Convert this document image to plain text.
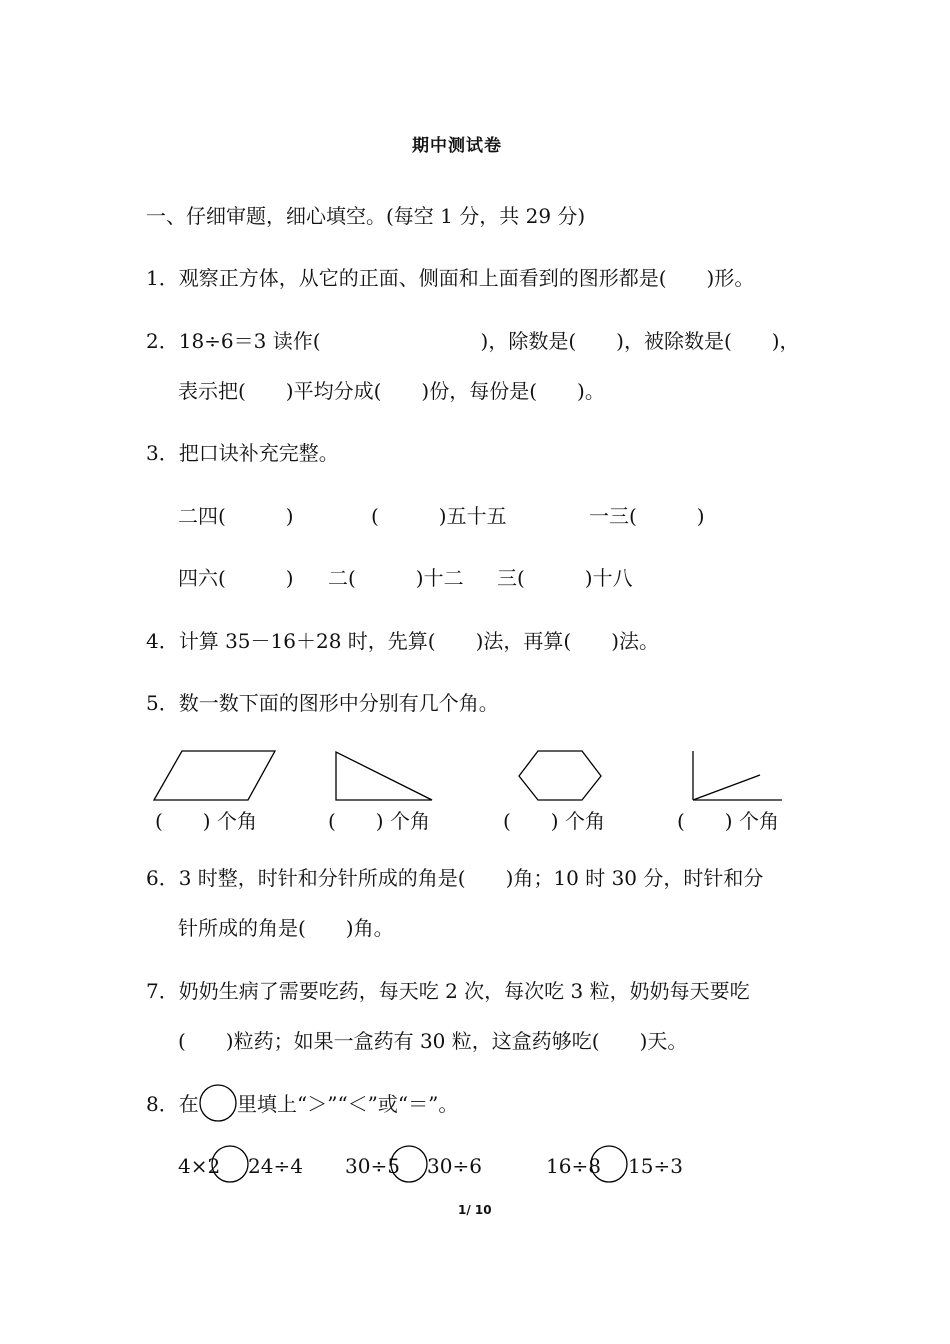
期中测试卷
一、仔细审题，细心填空。(每空 1 分，共 29 分)
1．观察正方体，从它的正面、侧面和上面看到的图形都是(　　)形。
2．18÷6＝3 读作(　　　　　　　　)，除数是(　　)，被除数是(　　)，
表示把(　　)平均分成(　　)份，每份是(　　)。
3．把口诀补充完整。
二四(　　　)	(　　　)五十五	一三(　　　)
四六(　　　) 二(　　　)十二 三(　　　)十八
4．计算 35－16＋28 时，先算(　　)法，再算(　　)法。
5．数一数下面的图形中分别有几个角。
(　　) 个角	(　　) 个角	(　　) 个角	(　　) 个角
6．3 时整，时针和分针所成的角是(　　)角；10 时 30 分，时针和分
针所成的角是(　　)角。
7．奶奶生病了需要吃药，每天吃 2 次，每次吃 3 粒，奶奶每天要吃
(　　)粒药；如果一盒药有 30 粒，这盒药够吃(　　)天。
8．在 里填上“＞”“＜”或“＝”。
4×2 24÷4 30÷5 30÷6	16÷8 15÷3
1/ 10
